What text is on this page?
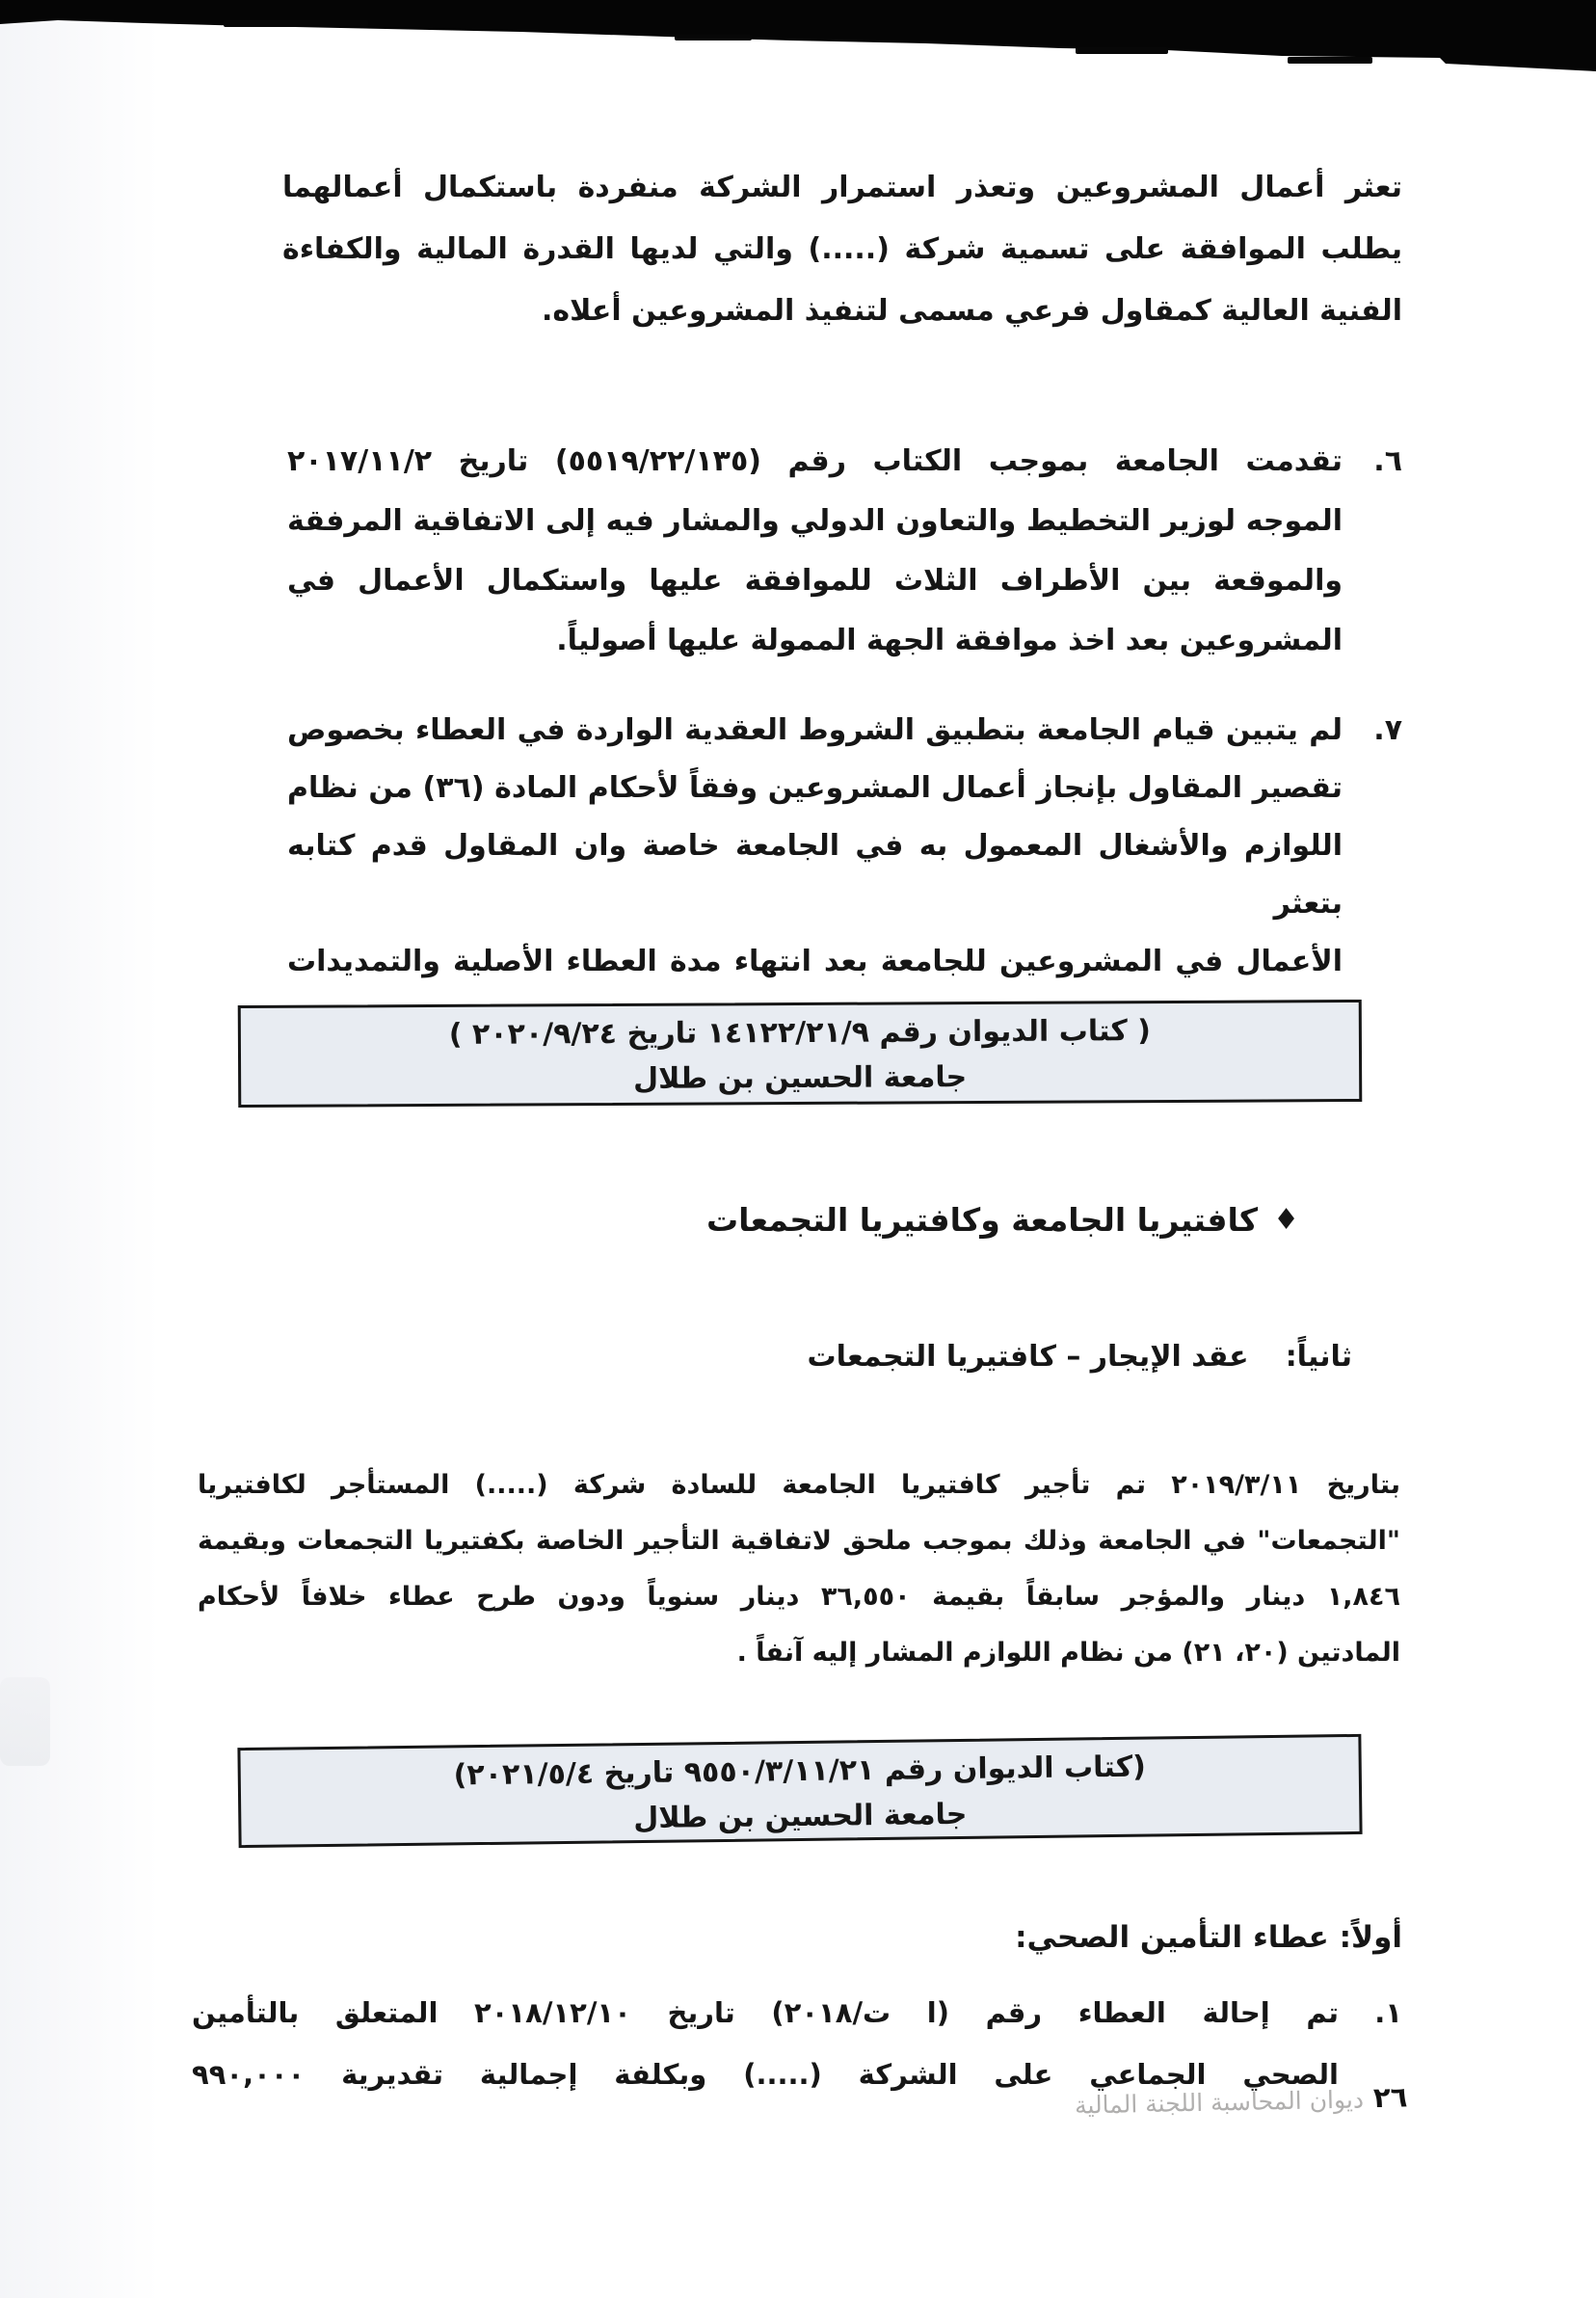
تعثر أعمال المشروعين وتعذر استمرار الشركة منفردة باستكمال أعمالهما
يطلب الموافقة على تسمية شركة (.....) والتي لديها القدرة المالية والكفاءة
الفنية العالية كمقاول فرعي مسمى لتنفيذ المشروعين أعلاه.
٦.
تقدمت الجامعة بموجب الكتاب رقم (٥٥١٩/٢٢/١٣٥) تاريخ ٢٠١٧/١١/٢
الموجه لوزير التخطيط والتعاون الدولي والمشار فيه إلى الاتفاقية المرفقة
والموقعة بين الأطراف الثلاث للموافقة عليها واستكمال الأعمال في
المشروعين بعد اخذ موافقة الجهة الممولة عليها أصولياً.
٧.
لم يتبين قيام الجامعة بتطبيق الشروط العقدية الواردة في العطاء بخصوص
تقصير المقاول بإنجاز أعمال المشروعين وفقاً لأحكام المادة (٣٦) من نظام
اللوازم والأشغال المعمول به في الجامعة خاصة وان المقاول قدم كتابه بتعثر
الأعمال في المشروعين للجامعة بعد انتهاء مدة العطاء الأصلية والتمديدات
( كتاب الديوان رقم ١٤١٢٢/٢١/٩ تاريخ ٢٠٢٠/٩/٢٤ )
جامعة الحسين بن طلال
♦كافتيريا الجامعة وكافتيريا التجمعات
ثانياً:عقد الإيجار – كافتيريا التجمعات
بتاريخ ٢٠١٩/٣/١١ تم تأجير كافتيريا الجامعة للسادة شركة (.....) المستأجر لكافتيريا
"التجمعات" في الجامعة وذلك بموجب ملحق لاتفاقية التأجير الخاصة بكفتيريا التجمعات وبقيمة
١,٨٤٦ دينار والمؤجر سابقاً بقيمة ٣٦,٥٥٠ دينار سنوياً ودون طرح عطاء خلافاً لأحكام
المادتين (٢٠، ٢١) من نظام اللوازم المشار إليه آنفاً .
(كتاب الديوان رقم ٩٥٥٠/٣/١١/٢١ تاريخ ٢٠٢١/٥/٤)
جامعة الحسين بن طلال
أولاً: عطاء التأمين الصحي:
١.
تم إحالة العطاء رقم (ا ت/٢٠١٨) تاريخ ٢٠١٨/١٢/١٠ المتعلق بالتأمين
الصحي الجماعي على الشركة (.....) وبكلفة إجمالية تقديرية ٩٩٠,٠٠٠
٢٦ديوان المحاسبة اللجنة المالية
